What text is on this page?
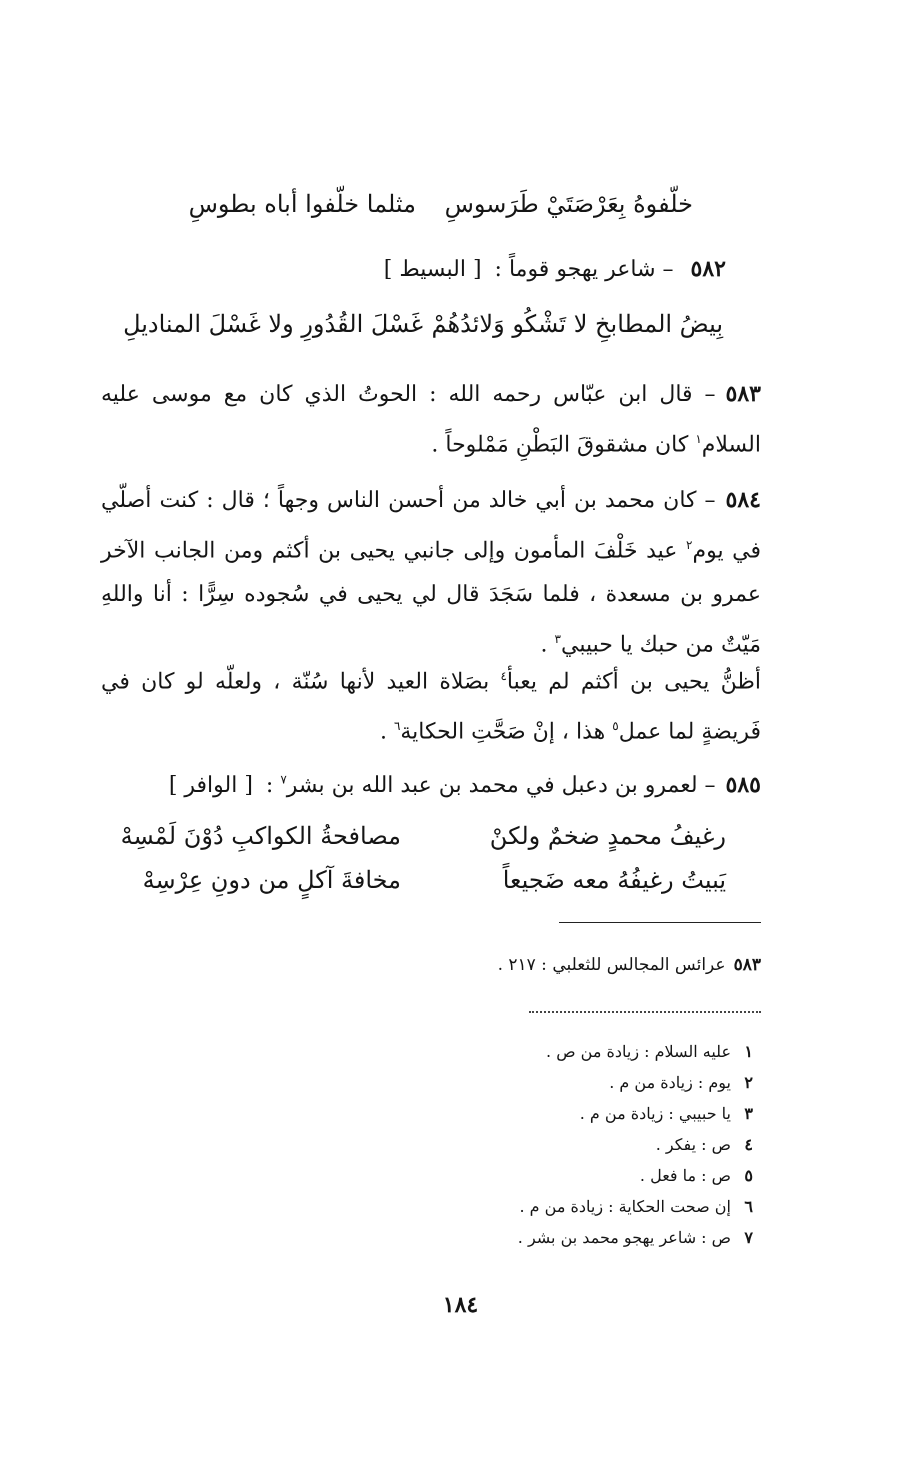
خلّفوهُ بِعَرْصَتَيْ طَرَسوسِ
مثلما خلّفوا أباه بطوسِ
٥٨٢ – شاعر يهجو قوماً : [ البسيط ]
بِيضُ المطابخِ لا تَشْكُو وَلائدُهُمْ
غَسْلَ القُدُورِ ولا غَسْلَ المناديلِ
٥٨٣– قال ابن عبّاس رحمه الله : الحوتُ الذي كان مع موسى عليه السلام$^١$ كان مشقوقَ البَطْنِ مَمْلوحاً .
٥٨٤– كان محمد بن أبي خالد من أحسن الناس وجهاً ؛ قال : كنت أصلّي في يوم$^٢$ عيد خَلْفَ المأمون وإلى جانبي يحيى بن أكثم ومن الجانب الآخر عمرو بن مسعدة ، فلما سَجَدَ قال لي يحيى في سُجوده سِرًّا : أنا واللهِ مَيّتٌ من حبك يا حبيبي$^٣$ .
أظنُّ يحيى بن أكثم لم يعبأ$^٤$ بصَلاة العيد لأنها سُنّة ، ولعلّه لو كان في فَريضةٍ لما عمل$^٥$ هذا ، إنْ صَحَّتِ الحكاية$^٦$ .
٥٨٥– لعمرو بن دعبل في محمد بن عبد الله بن بشر$^٧$ : [ الوافر ]
رغيفُ محمدٍ ضخمٌ ولكنْ
مصافحةُ الكواكبِ دُوْنَ لَمْسِهْ
يَبيتُ رغيفُهُ معه ضَجيعاً
مخافةَ آكلٍ من دونِ عِرْسِهْ
٥٨٣عرائس المجالس للثعلبي : ٢١٧ .
١عليه السلام : زيادة من ص .
٢يوم : زيادة من م .
٣يا حبيبي : زيادة من م .
٤ص : يفكر .
٥ص : ما فعل .
٦إن صحت الحكاية : زيادة من م .
٧ص : شاعر يهجو محمد بن بشر .
١٨٤
